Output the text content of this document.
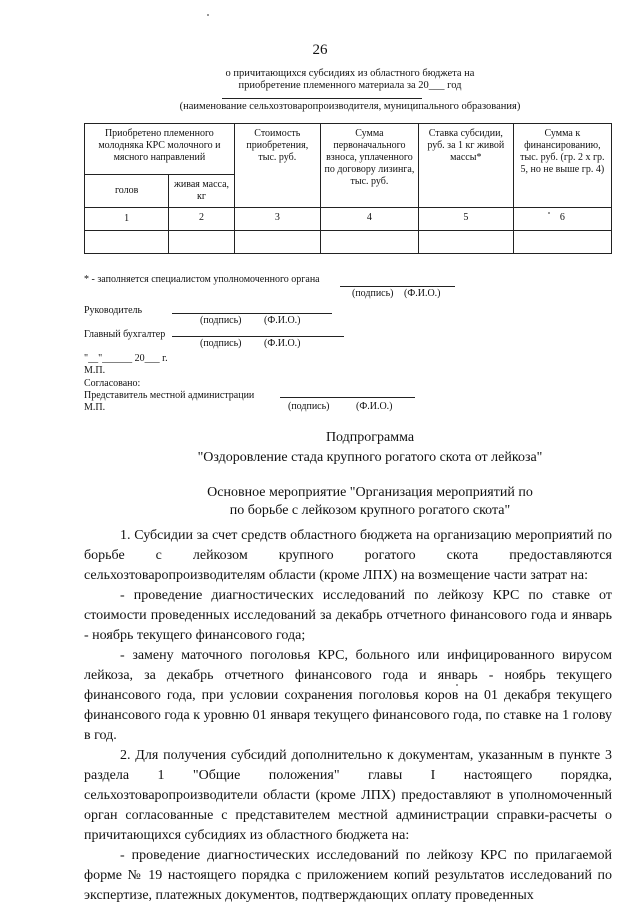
26
о причитающихся субсидиях из областного бюджета на
приобретение племенного материала за 20___ год
(наименование сельхозтоваропроизводителя, муниципального образования)
Приобретено племенного молодняка КРС молочного и мясного направлений		Стоимость приобретения, тыс. руб.	Сумма первоначального взноса, уплаченного по договору лизинга, тыс. руб.	Ставка субсидии, руб. за 1 кг живой массы*	Сумма к финансированию, тыс. руб. (гр. 2 х гр. 5, но не выше гр. 4)
голов	живая масса, кг				
1	2	3	4	5	6

* - заполняется специалистом уполномоченного органа
(подпись) (Ф.И.О.)
Руководитель
(подпись) (Ф.И.О.)
Главный бухгалтер
(подпись) (Ф.И.О.)
"__"______ 20___ г.
М.П.
Согласовано:
Представитель местной администрации
М.П.	(подпись)	(Ф.И.О.)
Подпрограмма
"Оздоровление стада крупного рогатого скота от лейкоза"
Основное мероприятие "Организация мероприятий по
по борьбе с лейкозом крупного рогатого скота"

1. Субсидии за счет средств областного бюджета на организацию мероприятий по борьбе с лейкозом крупного рогатого скота предоставляются сельхозтоваропроизводителям области (кроме ЛПХ) на возмещение части затрат на:

- проведение диагностических исследований по лейкозу КРС по ставке от стоимости проведенных исследований за декабрь отчетного финансового года и январь - ноябрь текущего финансового года;

- замену маточного поголовья КРС, больного или инфицированного вирусом лейкоза, за декабрь отчетного финансового года и январь - ноябрь текущего финансового года, при условии сохранения поголовья коров на 01 декабря текущего финансового года к уровню 01 января текущего финансового года, по ставке на 1 голову в год.

2. Для получения субсидий дополнительно к документам, указанным в пункте 3 раздела 1 "Общие положения" главы I настоящего порядка, сельхозтоваропроизводители области (кроме ЛПХ) предоставляют в уполномоченный орган согласованные с представителем местной администрации справки-расчеты о причитающихся субсидиях из областного бюджета на:

- проведение диагностических исследований по лейкозу КРС по прилагаемой форме № 19 настоящего порядка с приложением копий результатов исследований по экспертизе, платежных документов, подтверждающих оплату проведенных
